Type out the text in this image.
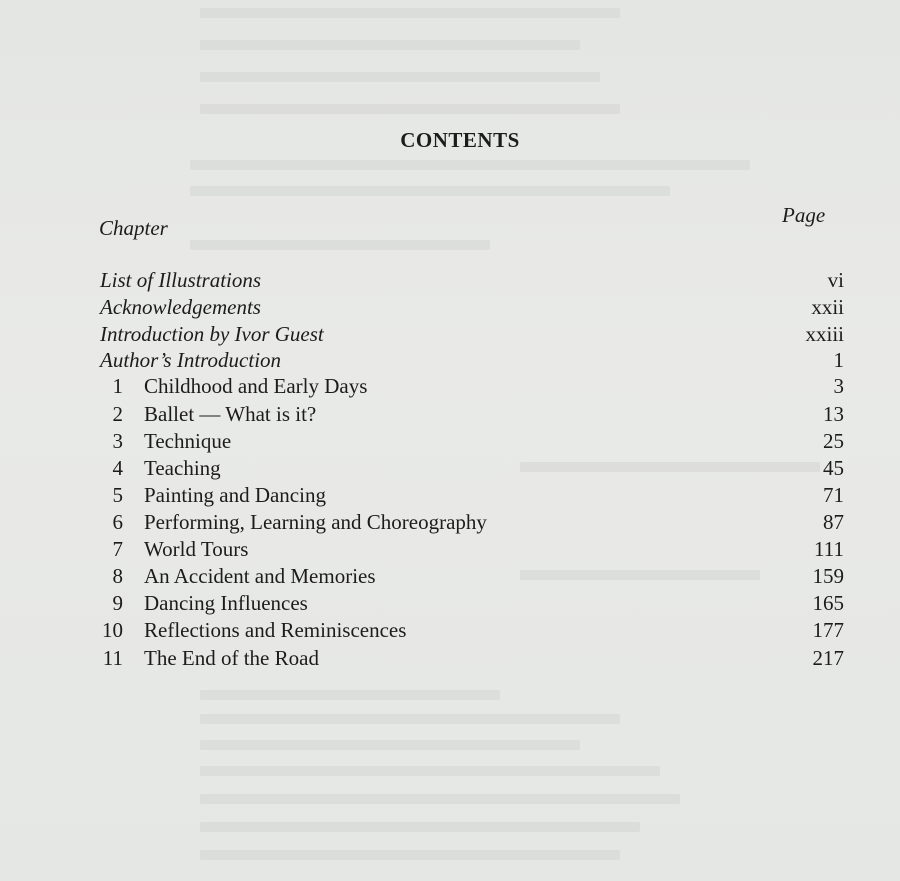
CONTENTS
Chapter
Page
List of Illustrations	vi
Acknowledgements	xxii
Introduction by Ivor Guest	xxiii
Author’s Introduction	1
1 Childhood and Early Days	3
2 Ballet — What is it?	13
3 Technique	25
4 Teaching	45
5 Painting and Dancing	71
6 Performing, Learning and Choreography	87
7 World Tours	111
8 An Accident and Memories	159
9 Dancing Influences	165
10 Reflections and Reminiscences	177
11 The End of the Road	217
